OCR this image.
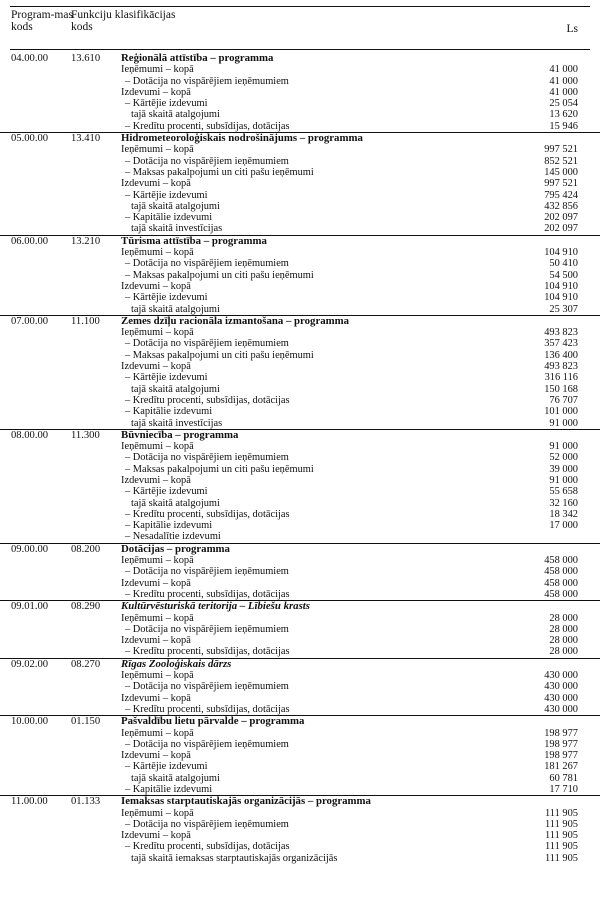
Program-mas kods
Funkciju klasifikācijas kods	Ls
04.00.00 13.610 Reģionālā attīstība – programma
Ieņēmumi – kopā	41 000
– Dotācija no vispārējiem ieņēmumiem	41 000
Izdevumi – kopā	41 000
– Kārtējie izdevumi	25 054
tajā skaitā atalgojumi	13 620
– Kredītu procenti, subsīdijas, dotācijas	15 946
05.00.00 13.410 Hidrometeoroloģiskais nodrošinājums – programma
Ieņēmumi – kopā	997 521
– Dotācija no vispārējiem ieņēmumiem	852 521
– Maksas pakalpojumi un citi pašu ieņēmumi	145 000
Izdevumi – kopā	997 521
– Kārtējie izdevumi	795 424
tajā skaitā atalgojumi	432 856
– Kapitālie izdevumi	202 097
tajā skaitā investīcijas	202 097
06.00.00 13.210 Tūrisma attīstība – programma
Ieņēmumi – kopā	104 910
– Dotācija no vispārējiem ieņēmumiem	50 410
– Maksas pakalpojumi un citi pašu ieņēmumi	54 500
Izdevumi – kopā	104 910
– Kārtējie izdevumi	104 910
tajā skaitā atalgojumi	25 307
07.00.00 11.100 Zemes dzīļu racionāla izmantošana – programma
Ieņēmumi – kopā	493 823
– Dotācija no vispārējiem ieņēmumiem	357 423
– Maksas pakalpojumi un citi pašu ieņēmumi	136 400
Izdevumi – kopā	493 823
– Kārtējie izdevumi	316 116
tajā skaitā atalgojumi	150 168
– Kredītu procenti, subsīdijas, dotācijas	76 707
– Kapitālie izdevumi	101 000
tajā skaitā investīcijas	91 000
08.00.00 11.300 Būvniecība – programma
Ieņēmumi – kopā	91 000
– Dotācija no vispārējiem ieņēmumiem	52 000
– Maksas pakalpojumi un citi pašu ieņēmumi	39 000
Izdevumi – kopā	91 000
– Kārtējie izdevumi	55 658
tajā skaitā atalgojumi	32 160
– Kredītu procenti, subsīdijas, dotācijas	18 342
– Kapitālie izdevumi	17 000
– Nesadalītie izdevumi
09.00.00 08.200 Dotācijas – programma
Ieņēmumi – kopā	458 000
– Dotācija no vispārējiem ieņēmumiem	458 000
Izdevumi – kopā	458 000
– Kredītu procenti, subsīdijas, dotācijas	458 000
09.01.00 08.290 Kultūrvēsturiskā teritorija – Lībiešu krasts
Ieņēmumi – kopā	28 000
– Dotācija no vispārējiem ieņēmumiem	28 000
Izdevumi – kopā	28 000
– Kredītu procenti, subsīdijas, dotācijas	28 000
09.02.00 08.270 Rīgas Zooloģiskais dārzs
Ieņēmumi – kopā	430 000
– Dotācija no vispārējiem ieņēmumiem	430 000
Izdevumi – kopā	430 000
– Kredītu procenti, subsīdijas, dotācijas	430 000
10.00.00 01.150 Pašvaldību lietu pārvalde – programma
Ieņēmumi – kopā	198 977
– Dotācija no vispārējiem ieņēmumiem	198 977
Izdevumi – kopā	198 977
– Kārtējie izdevumi	181 267
tajā skaitā atalgojumi	60 781
– Kapitālie izdevumi	17 710
11.00.00 01.133 Iemaksas starptautiskajās organizācijās – programma
Ieņēmumi – kopā	111 905
– Dotācija no vispārējiem ieņēmumiem	111 905
Izdevumi – kopā	111 905
– Kredītu procenti, subsīdijas, dotācijas	111 905
tajā skaitā iemaksas starptautiskajās organizācijās	111 905
